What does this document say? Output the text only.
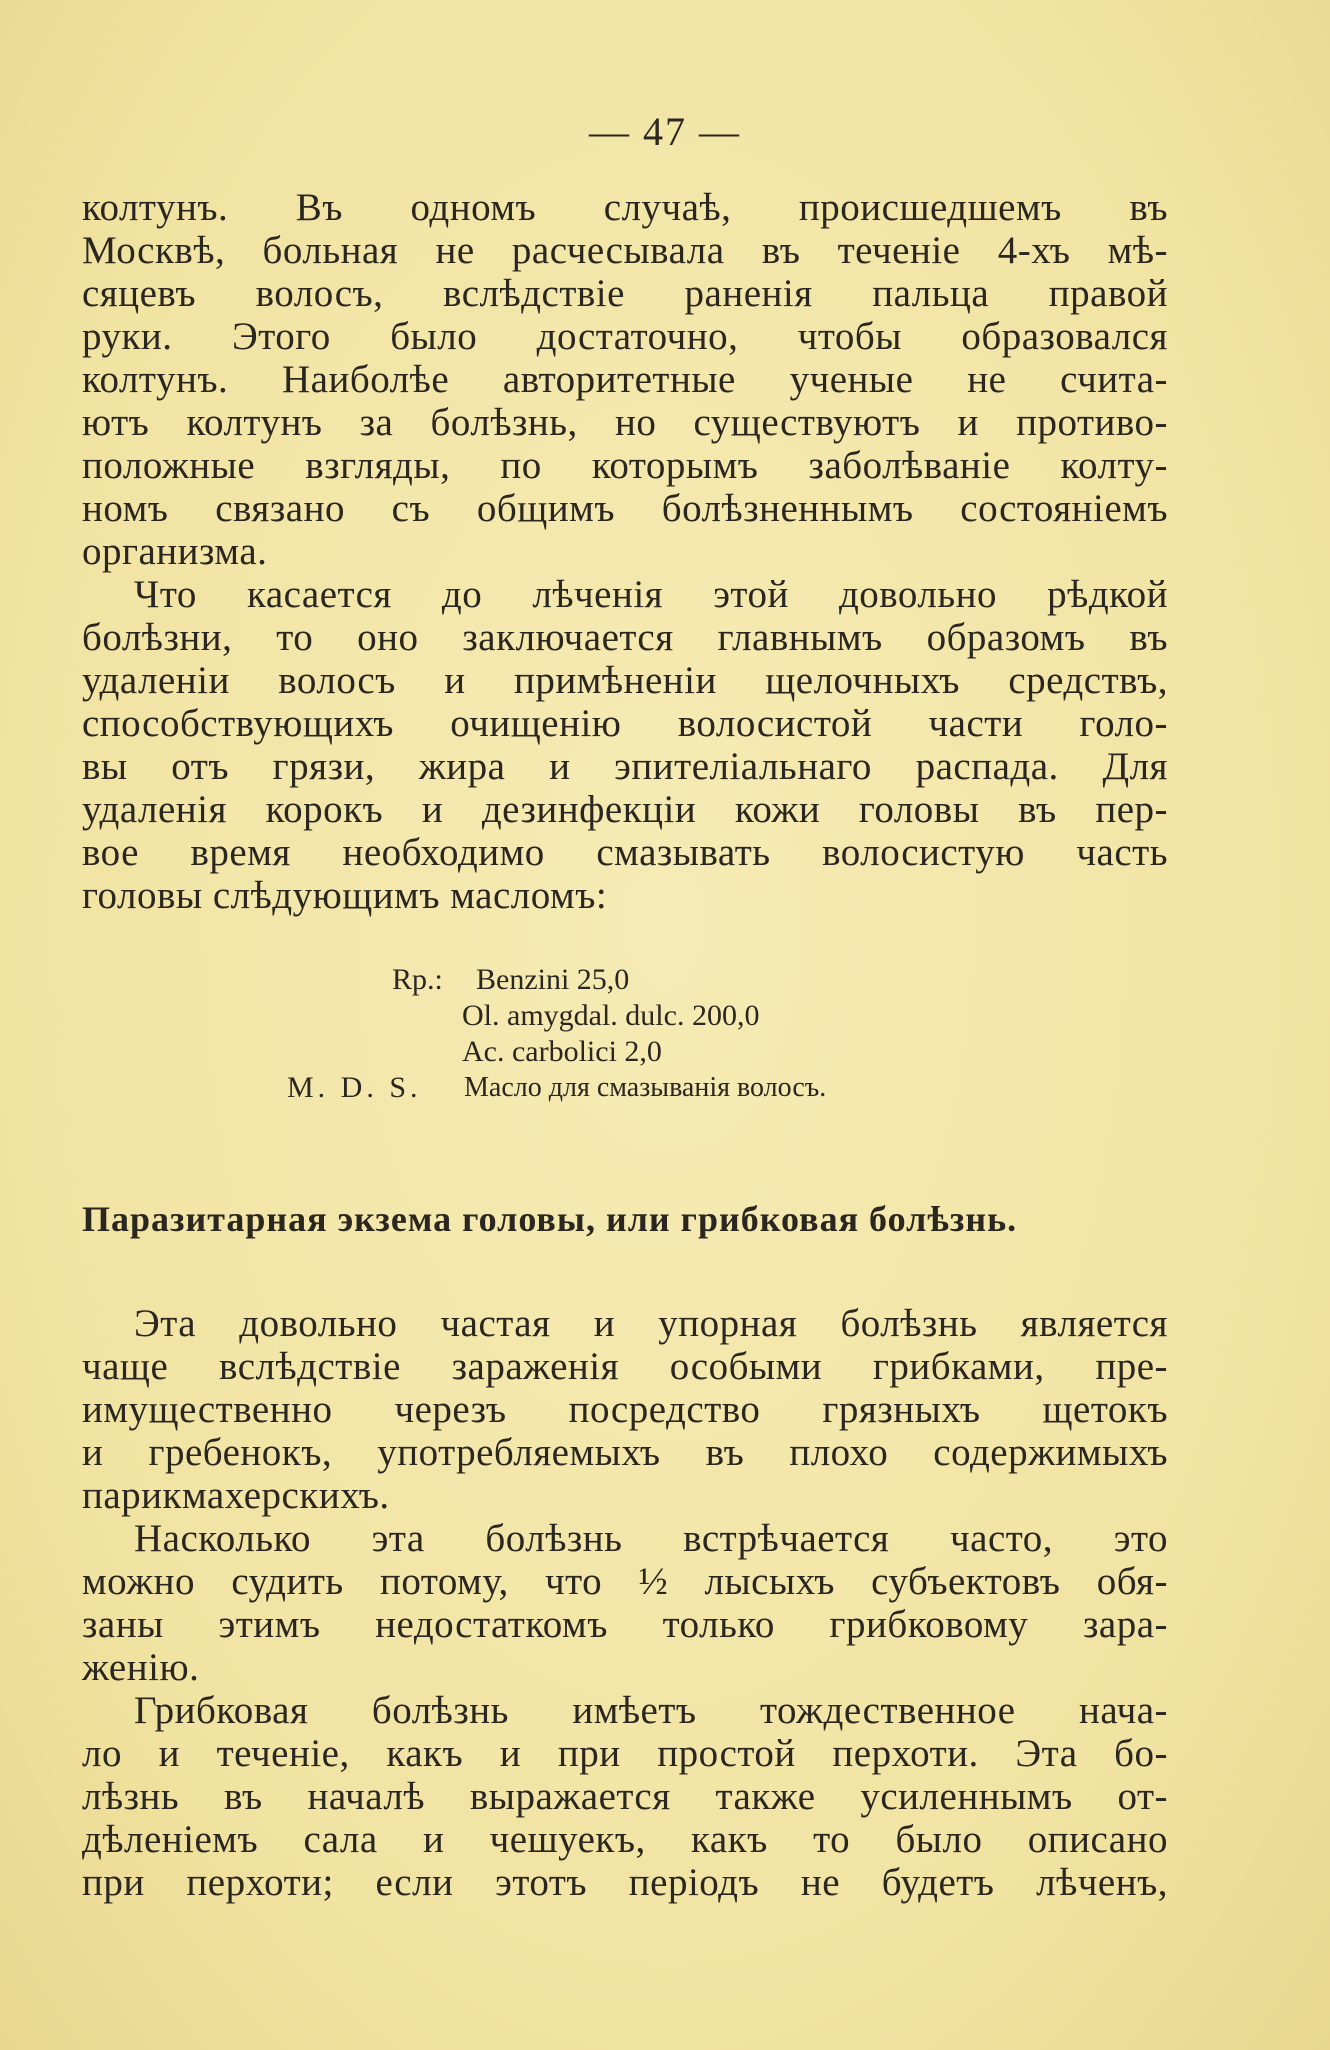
— 47 —
колтунъ. Въ одномъ случаѣ, происшедшемъ въ
Москвѣ, больная не расчесывала въ теченіе 4-хъ мѣ-
сяцевъ волосъ, вслѣдствіе раненія пальца правой
руки. Этого было достаточно, чтобы образовался
колтунъ. Наиболѣе авторитетные ученые не счита-
ютъ колтунъ за болѣзнь, но существуютъ и противо-
положные взгляды, по которымъ заболѣваніе колту-
номъ связано съ общимъ болѣзненнымъ состояніемъ
организма.
Что касается до лѣченія этой довольно рѣдкой
болѣзни, то оно заключается главнымъ образомъ въ
удаленіи волосъ и примѣненіи щелочныхъ средствъ,
способствующихъ очищенію волосистой части голо-
вы отъ грязи, жира и эпителіальнаго распада. Для
удаленія корокъ и дезинфекціи кожи головы въ пер-
вое время необходимо смазывать волосистую часть
головы слѣдующимъ масломъ:
Rp.: Benzini 25,0
Ol. amygdal. dulc. 200,0
Ac. carbolici 2,0
M. D. S. Масло для смазыванія волосъ.
Паразитарная экзема головы, или грибковая болѣзнь.
Эта довольно частая и упорная болѣзнь является
чаще вслѣдствіе зараженія особыми грибками, пре-
имущественно черезъ посредство грязныхъ щетокъ
и гребенокъ, употребляемыхъ въ плохо содержимыхъ
парикмахерскихъ.
Насколько эта болѣзнь встрѣчается часто, это
можно судить потому, что ½ лысыхъ субъектовъ обя-
заны этимъ недостаткомъ только грибковому зара-
женію.
Грибковая болѣзнь имѣетъ тождественное нача-
ло и теченіе, какъ и при простой перхоти. Эта бо-
лѣзнь въ началѣ выражается также усиленнымъ от-
дѣленіемъ сала и чешуекъ, какъ то было описано
при перхоти; если этотъ періодъ не будетъ лѣченъ,
